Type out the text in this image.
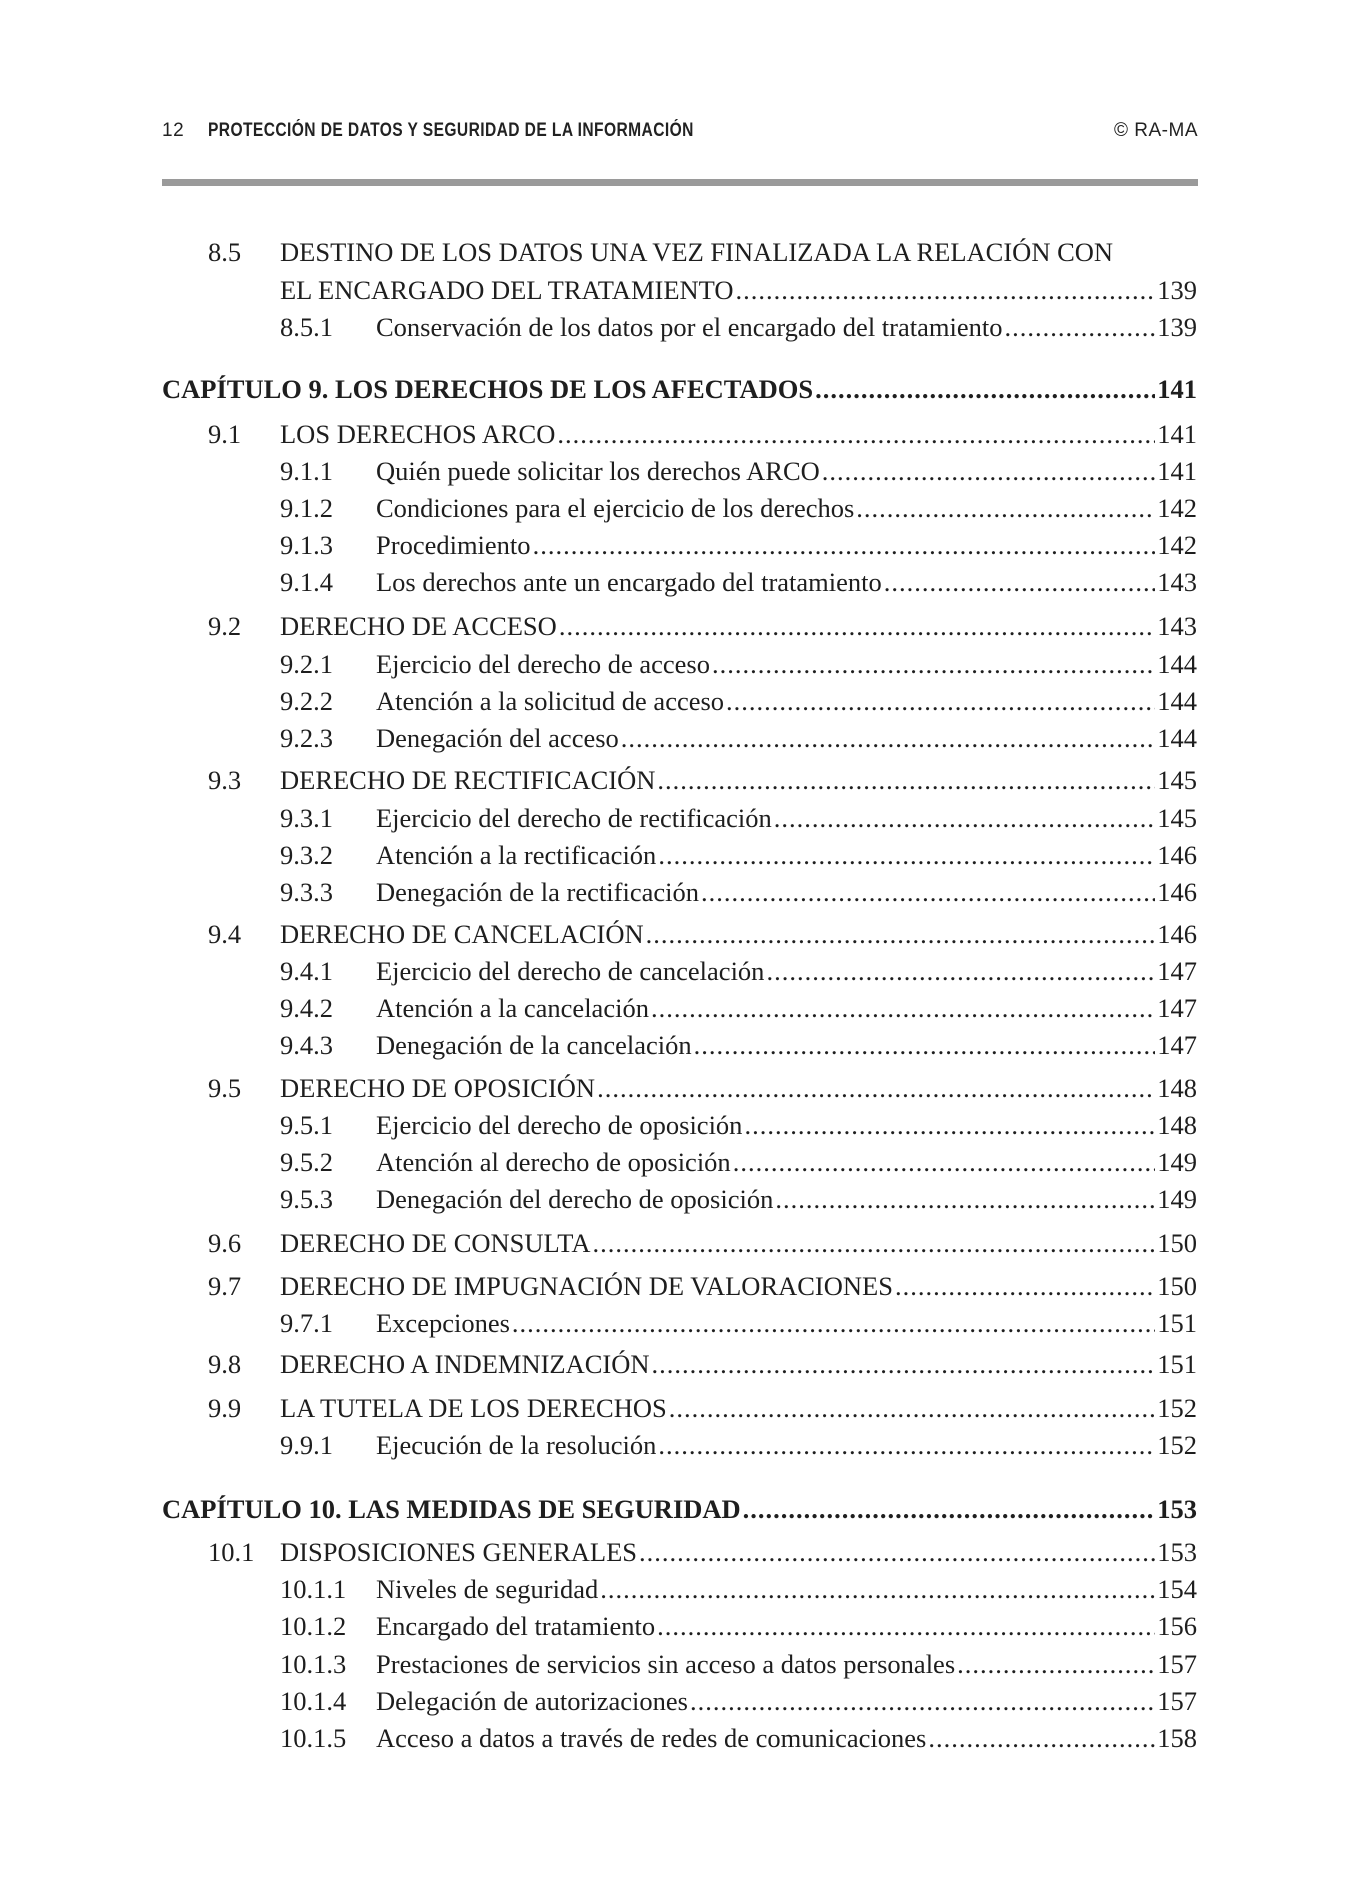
12 PROTECCIÓN DE DATOS Y SEGURIDAD DE LA INFORMACIÓN	© RA-MA
8.5 DESTINO DE LOS DATOS UNA VEZ FINALIZADA LA RELACIÓN CON
EL ENCARGADO DEL TRATAMIENTO .....	139
8.5.1 Conservación de los datos por el encargado del tratamiento .....	139
CAPÍTULO 9. LOS DERECHOS DE LOS AFECTADOS .....	141
9.1 LOS DERECHOS ARCO .....	141
9.1.1 Quién puede solicitar los derechos ARCO .....	141
9.1.2 Condiciones para el ejercicio de los derechos .....	142
9.1.3 Procedimiento .....	142
9.1.4 Los derechos ante un encargado del tratamiento .....	143
9.2 DERECHO DE ACCESO .....	143
9.2.1 Ejercicio del derecho de acceso .....	144
9.2.2 Atención a la solicitud de acceso .....	144
9.2.3 Denegación del acceso .....	144
9.3 DERECHO DE RECTIFICACIÓN .....	145
9.3.1 Ejercicio del derecho de rectificación .....	145
9.3.2 Atención a la rectificación .....	146
9.3.3 Denegación de la rectificación .....	146
9.4 DERECHO DE CANCELACIÓN .....	146
9.4.1 Ejercicio del derecho de cancelación .....	147
9.4.2 Atención a la cancelación .....	147
9.4.3 Denegación de la cancelación .....	147
9.5 DERECHO DE OPOSICIÓN .....	148
9.5.1 Ejercicio del derecho de oposición .....	148
9.5.2 Atención al derecho de oposición .....	149
9.5.3 Denegación del derecho de oposición .....	149
9.6 DERECHO DE CONSULTA .....	150
9.7 DERECHO DE IMPUGNACIÓN DE VALORACIONES .....	150
9.7.1 Excepciones .....	151
9.8 DERECHO A INDEMNIZACIÓN .....	151
9.9 LA TUTELA DE LOS DERECHOS .....	152
9.9.1 Ejecución de la resolución .....	152
CAPÍTULO 10. LAS MEDIDAS DE SEGURIDAD .....	153
10.1 DISPOSICIONES GENERALES .....	153
10.1.1 Niveles de seguridad .....	154
10.1.2 Encargado del tratamiento .....	156
10.1.3 Prestaciones de servicios sin acceso a datos personales .....	157
10.1.4 Delegación de autorizaciones .....	157
10.1.5 Acceso a datos a través de redes de comunicaciones .....	158
